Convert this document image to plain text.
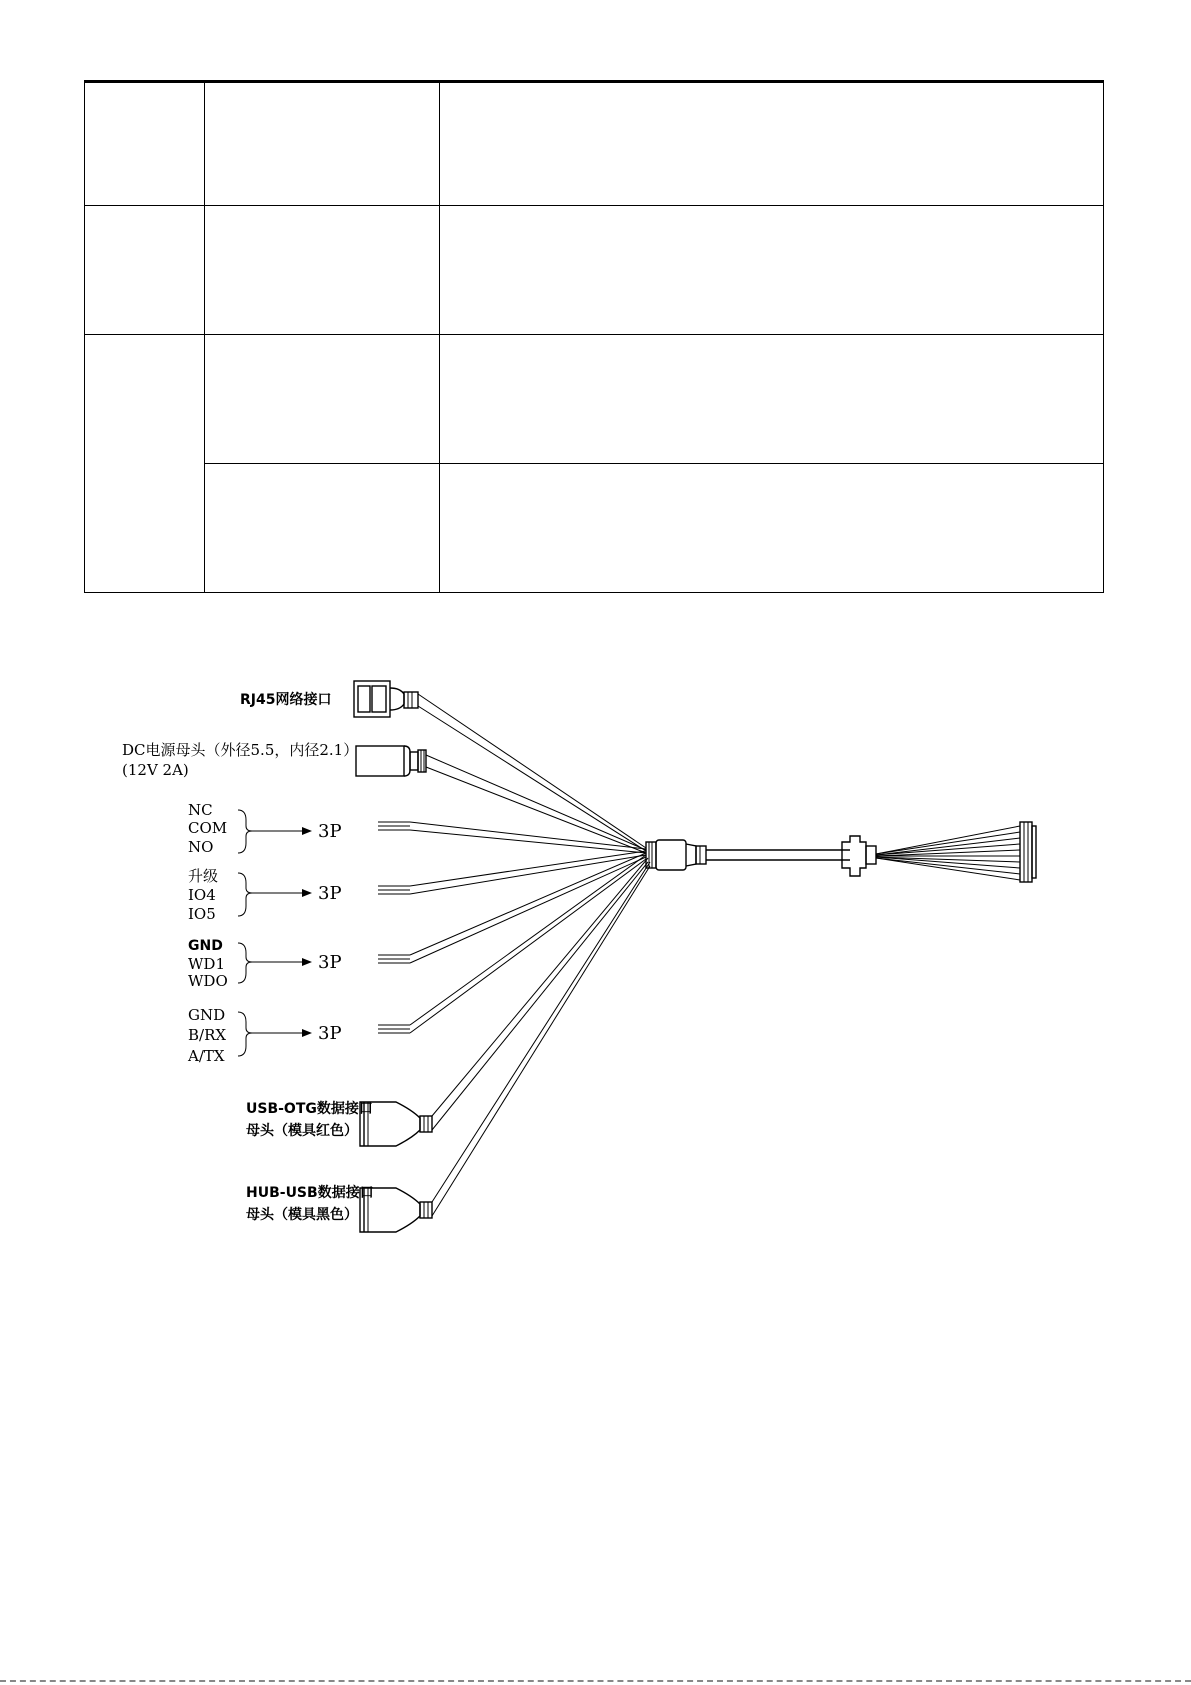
RJ45网络接口
DC电源母头（外径5.5，内径2.1）
(12V 2A)
NC
COM
NO
3P
升级
IO4
IO5
3P
GND
WD1
WDO
3P
GND
B/RX
A/TX
3P
USB-OTG数据接口
母头（模具红色）
HUB-USB数据接口
母头（模具黑色）
